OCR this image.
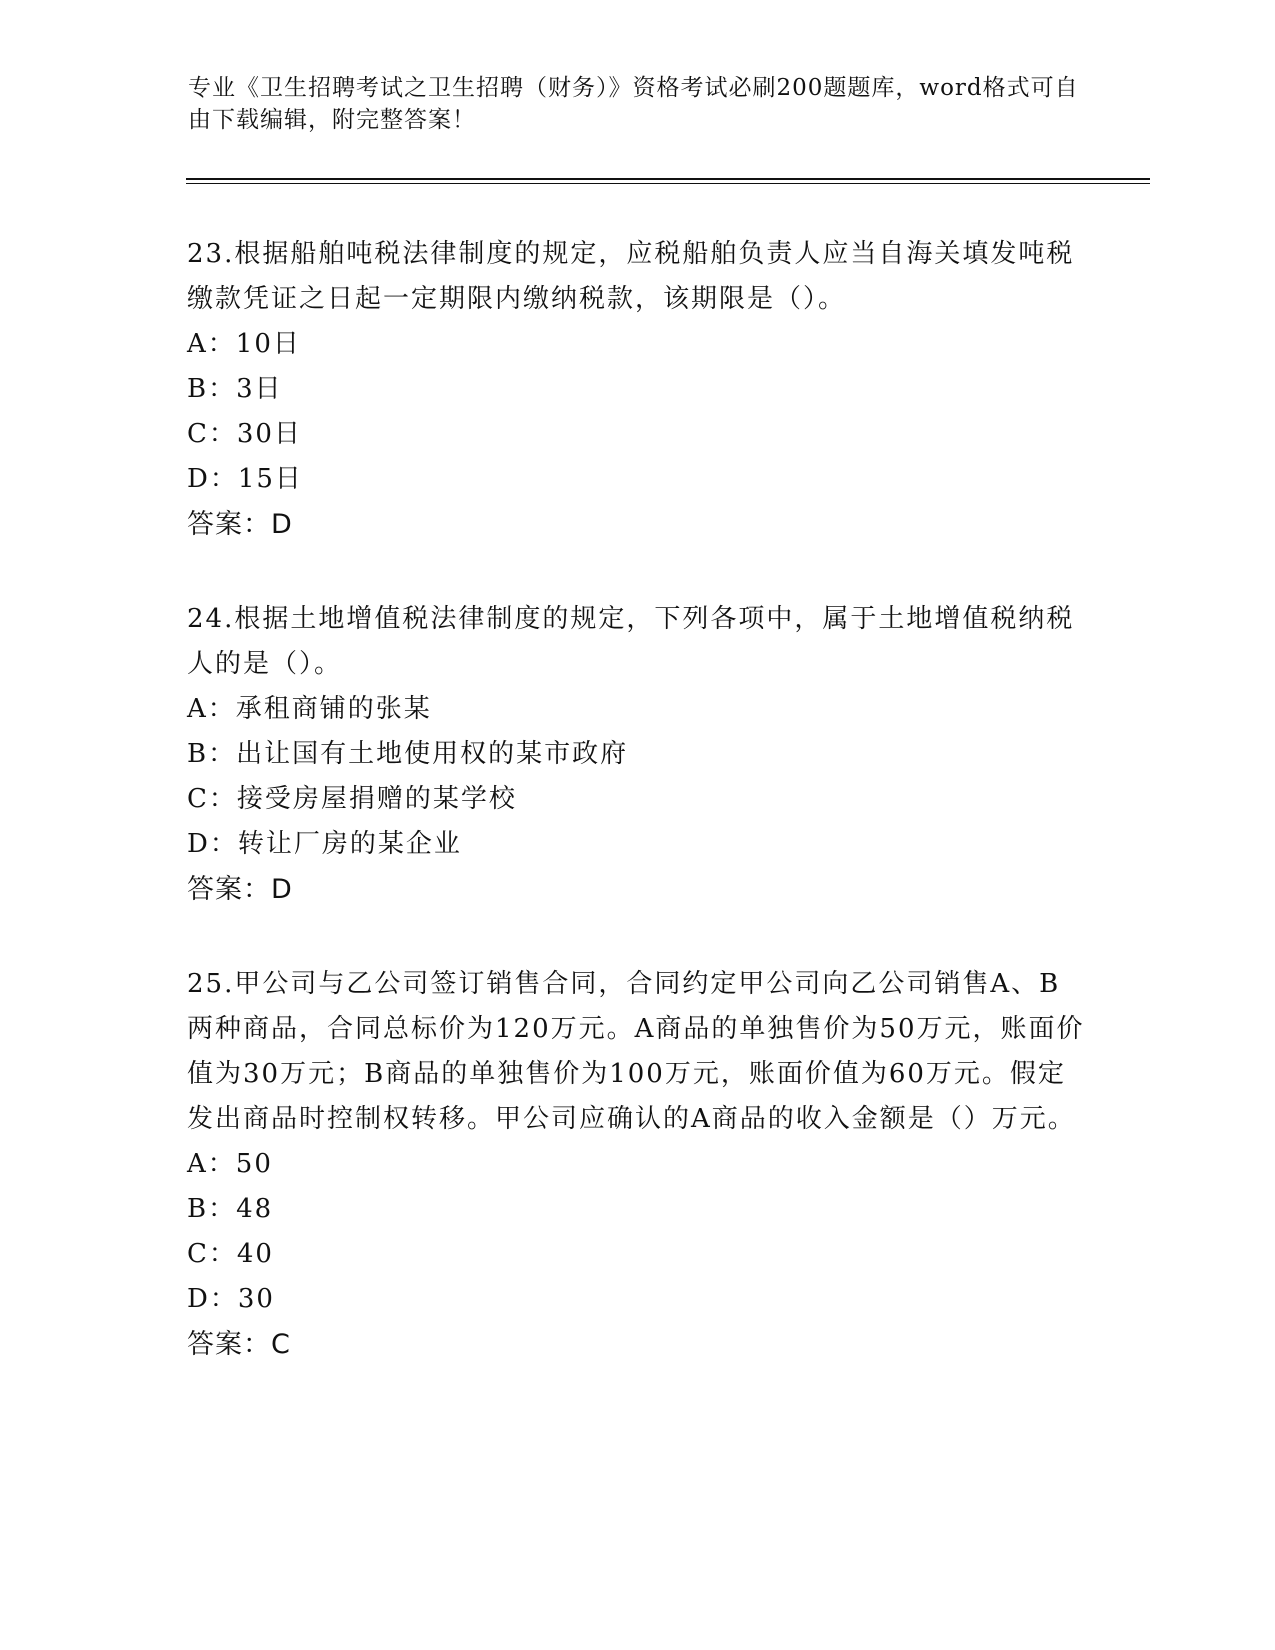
专业《卫生招聘考试之卫生招聘（财务）》资格考试必刷200题题库，word格式可自由下载编辑，附完整答案！
23.根据船舶吨税法律制度的规定，应税船舶负责人应当自海关填发吨税缴款凭证之日起一定期限内缴纳税款，该期限是（）。
A：10日
B：3日
C：30日
D：15日
答案：D
24.根据土地增值税法律制度的规定，下列各项中，属于土地增值税纳税人的是（）。
A：承租商铺的张某
B：出让国有土地使用权的某市政府
C：接受房屋捐赠的某学校
D：转让厂房的某企业
答案：D
25.甲公司与乙公司签订销售合同，合同约定甲公司向乙公司销售A、B两种商品，合同总标价为120万元。A商品的单独售价为50万元，账面价值为30万元；B商品的单独售价为100万元，账面价值为60万元。假定发出商品时控制权转移。甲公司应确认的A商品的收入金额是（）万元。
A：50
B：48
C：40
D：30
答案：C
